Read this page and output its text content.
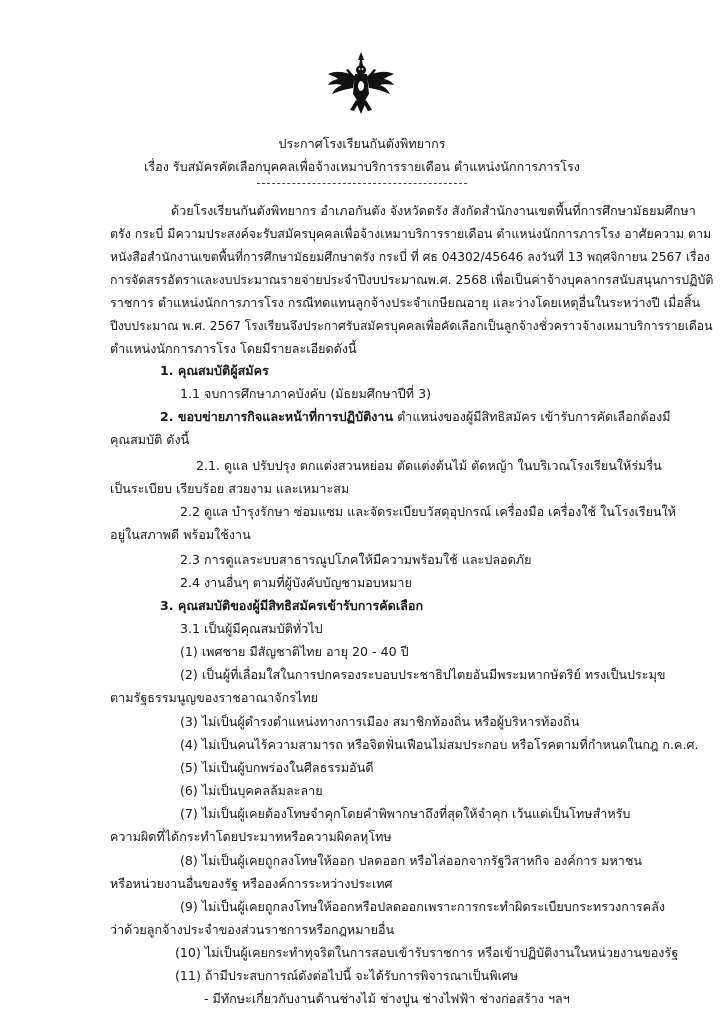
ประกาศโรงเรียนกันตังพิทยากร
เรื่อง รับสมัครคัดเลือกบุคคลเพื่อจ้างเหมาบริการรายเดือน ตำแหน่งนักการภารโรง
ด้วยโรงเรียนกันตังพิทยากร อำเภอกันตัง จังหวัดตรัง สังกัดสำนักงานเขตพื้นที่การศึกษามัธยมศึกษา
ตรัง กระบี่ มีความประสงค์จะรับสมัครบุคคลเพื่อจ้างเหมาบริการรายเดือน ตำแหน่งนักการภารโรง อาศัยความ ตาม
หนังสือสำนักงานเขตพื้นที่การศึกษามัธยมศึกษาตรัง กระบี่ ที่ ศธ 04302/45646 ลงวันที่ 13 พฤศจิกายน 2567 เรื่อง
การจัดสรรอัตราและงบประมาณรายจ่ายประจำปีงบประมาณพ.ศ. 2568 เพื่อเป็นค่าจ้างบุคลากรสนับสนุนการปฏิบัติ
ราชการ ตำแหน่งนักการภารโรง กรณีทดแทนลูกจ้างประจำเกษียณอายุ และว่างโดยเหตุอื่นในระหว่างปี เมื่อสิ้น
ปีงบประมาณ พ.ศ. 2567 โรงเรียนจึงประกาศรับสมัครบุคคลเพื่อคัดเลือกเป็นลูกจ้างชั่วคราวจ้างเหมาบริการรายเดือน
ตำแหน่งนักการภารโรง โดยมีรายละเอียดดังนี้
1. คุณสมบัติผู้สมัคร
1.1 จบการศึกษาภาคบังคับ (มัธยมศึกษาปีที่ 3)
2. ขอบข่ายภารกิจและหน้าที่การปฏิบัติงาน ตำแหน่งของผู้มีสิทธิสมัคร เข้ารับการคัดเลือกต้องมี
คุณสมบัติ ดังนี้
2.1. ดูแล ปรับปรุง ตกแต่งสวนหย่อม ตัดแต่งต้นไม้ ตัดหญ้า ในบริเวณโรงเรียนให้ร่มรื่น
เป็นระเบียบ เรียบร้อย สวยงาม และเหมาะสม
2.2 ดูแล บำรุงรักษา ซ่อมแซม และจัดระเบียบวัสดุอุปกรณ์ เครื่องมือ เครื่องใช้ ในโรงเรียนให้
อยู่ในสภาพดี พร้อมใช้งาน
2.3 การดูแลระบบสาธารณูปโภคให้มีความพร้อมใช้ และปลอดภัย
2.4 งานอื่นๆ ตามที่ผู้บังคับบัญชามอบหมาย
3. คุณสมบัติของผู้มีสิทธิสมัครเข้ารับการคัดเลือก
3.1 เป็นผู้มีคุณสมบัติทั่วไป
(1) เพศชาย มีสัญชาติไทย อายุ 20 - 40 ปี
(2) เป็นผู้ที่เลื่อมใสในการปกครองระบอบประชาธิปไตยอันมีพระมหากษัตริย์ ทรงเป็นประมุข
ตามรัฐธรรมนูญของราชอาณาจักรไทย
(3) ไม่เป็นผู้ดำรงตำแหน่งทางการเมือง สมาชิกท้องถิ่น หรือผู้บริหารท้องถิ่น
(4) ไม่เป็นคนไร้ความสามารถ หรือจิตฟั่นเฟือนไม่สมประกอบ หรือโรคตามที่กำหนดในกฎ ก.ค.ศ.
(5) ไม่เป็นผู้บกพร่องในศีลธรรมอันดี
(6) ไม่เป็นบุคคลล้มละลาย
(7) ไม่เป็นผู้เคยต้องโทษจำคุกโดยคำพิพากษาถึงที่สุดให้จำคุก เว้นแต่เป็นโทษสำหรับ
ความผิดที่ได้กระทำโดยประมาทหรือความผิดลหุโทษ
(8) ไม่เป็นผู้เคยถูกลงโทษให้ออก ปลดออก หรือไล่ออกจากรัฐวิสาหกิจ องค์การ มหาชน
หรือหน่วยงานอื่นของรัฐ หรือองค์การระหว่างประเทศ
(9) ไม่เป็นผู้เคยถูกลงโทษให้ออกหรือปลดออกเพราะการกระทำผิดระเบียบกระทรวงการคลัง
ว่าด้วยลูกจ้างประจำของส่วนราชการหรือกฎหมายอื่น
(10) ไม่เป็นผู้เคยกระทำทุจริตในการสอบเข้ารับราชการ หรือเข้าปฏิบัติงานในหน่วยงานของรัฐ
(11) ถ้ามีประสบการณ์ดังต่อไปนี้ จะได้รับการพิจารณาเป็นพิเศษ
- มีทักษะเกี่ยวกับงานด้านช่างไม้ ช่างปูน ช่างไฟฟ้า ช่างก่อสร้าง ฯลฯ
